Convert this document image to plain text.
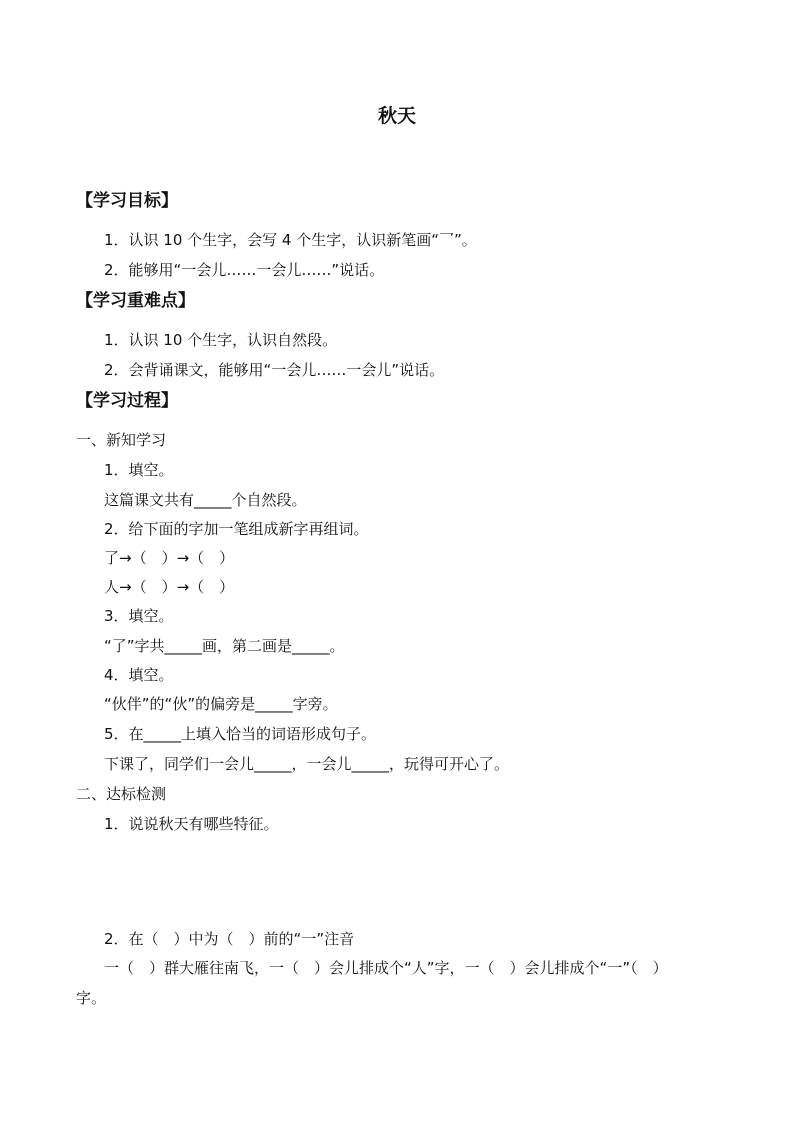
秋天
【学习目标】
1．认识 10 个生字，会写 4 个生字，认识新笔画“乛”。
2．能够用“一会儿……一会儿……”说话。
【学习重难点】
1．认识 10 个生字，认识自然段。
2．会背诵课文，能够用“一会儿……一会儿”说话。
【学习过程】
一、新知学习
1．填空。
这篇课文共有_____个自然段。
2．给下面的字加一笔组成新字再组词。
了→（　）→（　）
人→（　）→（　）
3．填空。
“了”字共_____画，第二画是_____。
4．填空。
“伙伴”的“伙”的偏旁是_____字旁。
5．在_____上填入恰当的词语形成句子。
下课了，同学们一会儿_____，一会儿_____，玩得可开心了。
二、达标检测
1．说说秋天有哪些特征。
2．在（　）中为（　）前的“一”注音
一（　）群大雁往南飞，一（　）会儿排成个“人”字，一（　）会儿排成个“一”（　）
字。
